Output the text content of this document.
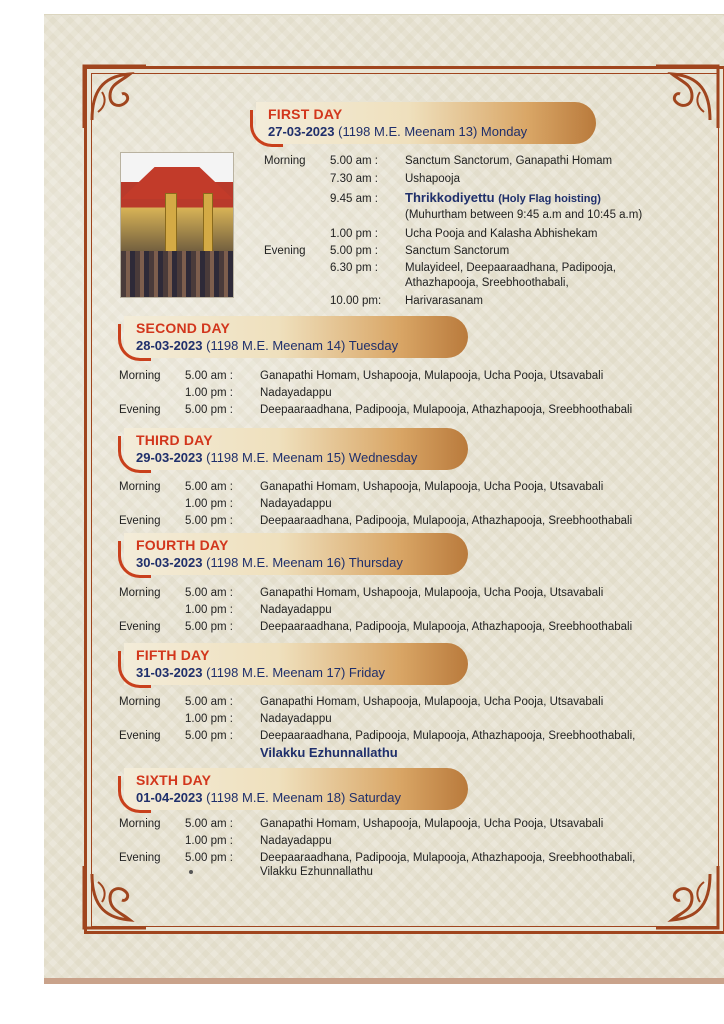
FIRST DAY
27-03-2023 (1198 M.E. Meenam 13) Monday
Morning 5.00 am : Sanctum Sanctorum, Ganapathi Homam
7.30 am : Ushapooja
9.45 am : Thrikkodiyettu (Holy Flag hoisting)
(Muhurtham between 9:45 a.m and 10:45 a.m)
1.00 pm : Ucha Pooja and Kalasha Abhishekam
Evening 5.00 pm : Sanctum Sanctorum
6.30 pm : Mulayideel, Deepaaraadhana, Padipooja,
Athazhapooja, Sreebhoothabali,
10.00 pm: Harivarasanam
SECOND DAY
28-03-2023 (1198 M.E. Meenam 14) Tuesday
Morning 5.00 am : Ganapathi Homam, Ushapooja, Mulapooja, Ucha Pooja, Utsavabali
1.00 pm : Nadayadappu
Evening 5.00 pm : Deepaaraadhana, Padipooja, Mulapooja, Athazhapooja, Sreebhoothabali
THIRD DAY
29-03-2023 (1198 M.E. Meenam 15) Wednesday
Morning 5.00 am : Ganapathi Homam, Ushapooja, Mulapooja, Ucha Pooja, Utsavabali
1.00 pm : Nadayadappu
Evening 5.00 pm : Deepaaraadhana, Padipooja, Mulapooja, Athazhapooja, Sreebhoothabali
FOURTH DAY
30-03-2023 (1198 M.E. Meenam 16) Thursday
Morning 5.00 am : Ganapathi Homam, Ushapooja, Mulapooja, Ucha Pooja, Utsavabali
1.00 pm : Nadayadappu
Evening 5.00 pm : Deepaaraadhana, Padipooja, Mulapooja, Athazhapooja, Sreebhoothabali
FIFTH DAY
31-03-2023 (1198 M.E. Meenam 17) Friday
Morning 5.00 am : Ganapathi Homam, Ushapooja, Mulapooja, Ucha Pooja, Utsavabali
1.00 pm : Nadayadappu
Evening 5.00 pm : Deepaaraadhana, Padipooja, Mulapooja, Athazhapooja, Sreebhoothabali,
Vilakku Ezhunnallathu
SIXTH DAY
01-04-2023 (1198 M.E. Meenam 18) Saturday
Morning 5.00 am : Ganapathi Homam, Ushapooja, Mulapooja, Ucha Pooja, Utsavabali
1.00 pm : Nadayadappu
Evening 5.00 pm : Deepaaraadhana, Padipooja, Mulapooja, Athazhapooja, Sreebhoothabali,
Vilakku Ezhunnallathu
